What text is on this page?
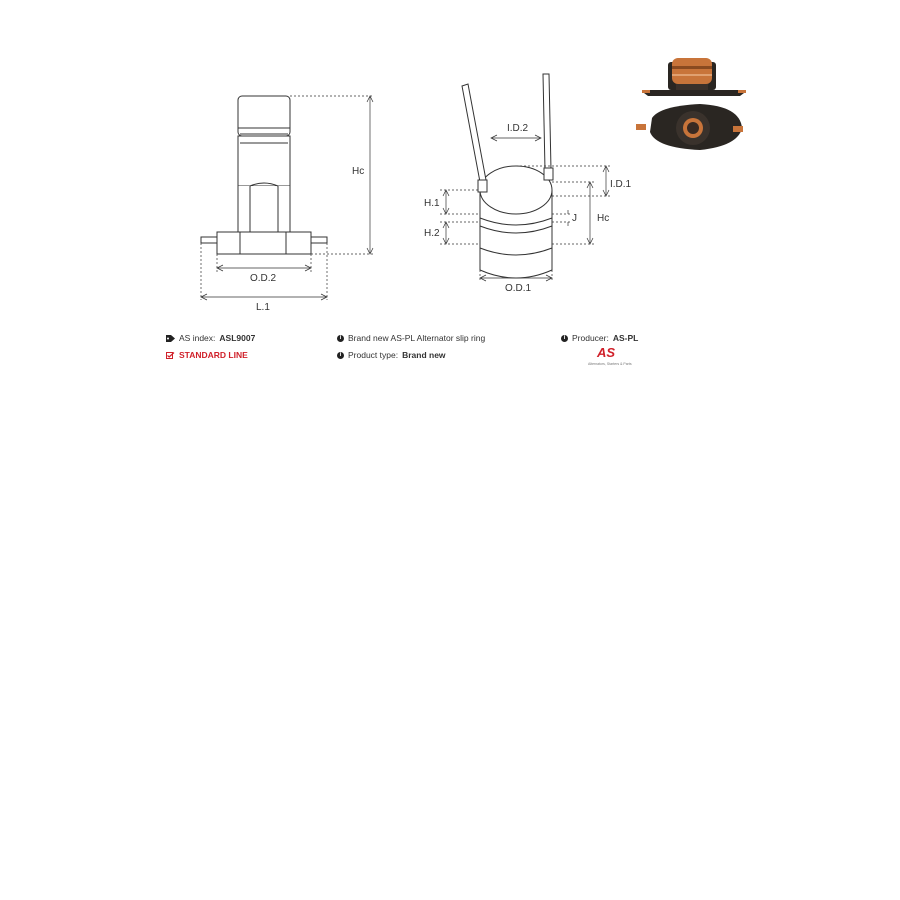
Hc
O.D.2
L.1
I.D.2
I.D.1
H.1
H.2
Hc
J
O.D.1
AS index: ASL9007
STANDARD LINE
i Brand new AS-PL Alternator slip ring
i Product type: Brand new
i Producer: AS-PL
AS
Alternators, Starters & Parts
